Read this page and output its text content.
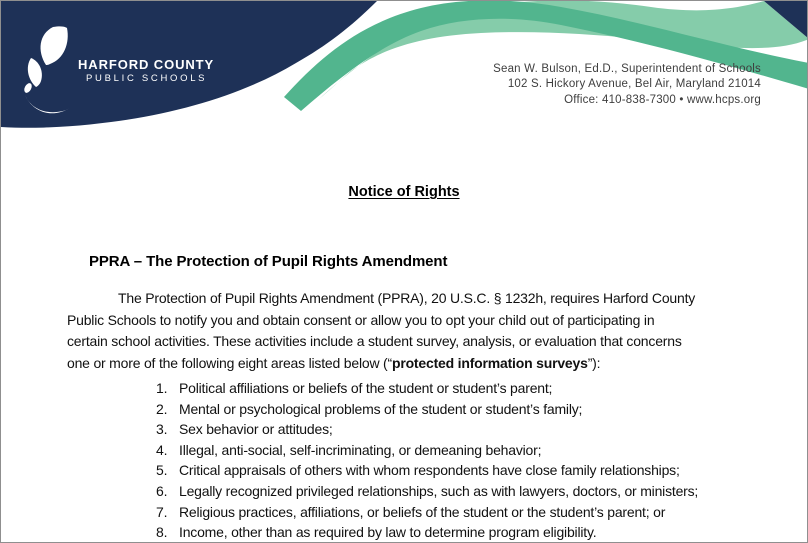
HARFORD COUNTY
PUBLIC SCHOOLS
Sean W. Bulson, Ed.D., Superintendent of Schools
102 S. Hickory Avenue, Bel Air, Maryland 21014
Office: 410-838-7300 • www.hcps.org
Notice of Rights
PPRA – The Protection of Pupil Rights Amendment
The Protection of Pupil Rights Amendment (PPRA), 20 U.S.C. § 1232h, requires Harford County
Public Schools to notify you and obtain consent or allow you to opt your child out of participating in
certain school activities. These activities include a student survey, analysis, or evaluation that concerns
one or more of the following eight areas listed below (“protected information surveys”):
1. Political affiliations or beliefs of the student or student’s parent;
2. Mental or psychological problems of the student or student’s family;
3. Sex behavior or attitudes;
4. Illegal, anti-social, self-incriminating, or demeaning behavior;
5. Critical appraisals of others with whom respondents have close family relationships;
6. Legally recognized privileged relationships, such as with lawyers, doctors, or ministers;
7. Religious practices, affiliations, or beliefs of the student or the student’s parent; or
8. Income, other than as required by law to determine program eligibility.
